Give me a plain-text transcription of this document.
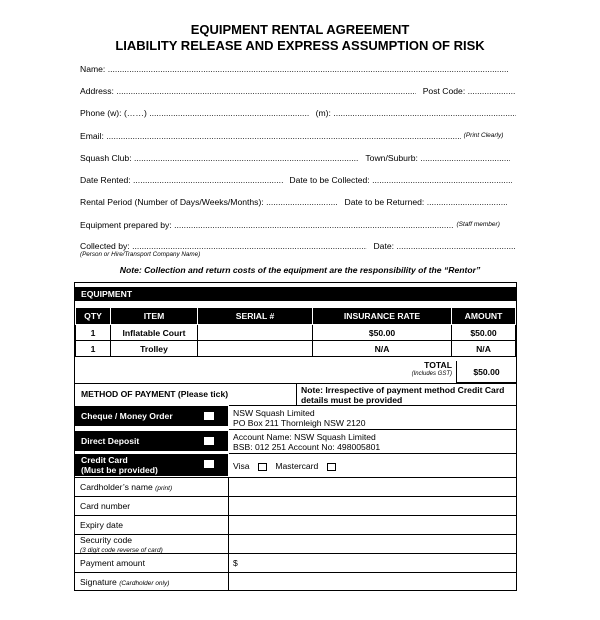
EQUIPMENT RENTAL AGREEMENT
LIABILITY RELEASE AND EXPRESS ASSUMPTION OF RISK
Name: .....
Address: .....	Post Code: .....
Phone (w): (……) .....	(m): .....
Email: .....	(Print Clearly)
Squash Club: .....	Town/Suburb: .....
Date Rented: .....	Date to be Collected: .....
Rental Period (Number of Days/Weeks/Months): .....	Date to be Returned: .....
Equipment prepared by: .....	(Staff member)
Collected by: .....	Date: .....
(Person or Hire/Transport Company Name)
Note: Collection and return costs of the equipment are the responsibility of the “Rentor”
EQUIPMENT
QTY	ITEM	SERIAL #	INSURANCE RATE	AMOUNT
1	Inflatable Court		$50.00	$50.00
1	Trolley		N/A	N/A
TOTAL
(Includes GST)	$50.00
METHOD OF PAYMENT (Please tick)	Note: Irrespective of payment method Credit Card details must be provided
Cheque / Money Order	NSW Squash Limited
PO Box 211 Thornleigh NSW 2120
Direct Deposit	Account Name: NSW Squash Limited
BSB: 012 251 Account No: 498005801
Credit Card
(Must be provided)	Visa	Mastercard
Cardholder’s name (print)
Card number
Expiry date
Security code
(3 digit code reverse of card)
Payment amount	$
Signature (Cardholder only)
